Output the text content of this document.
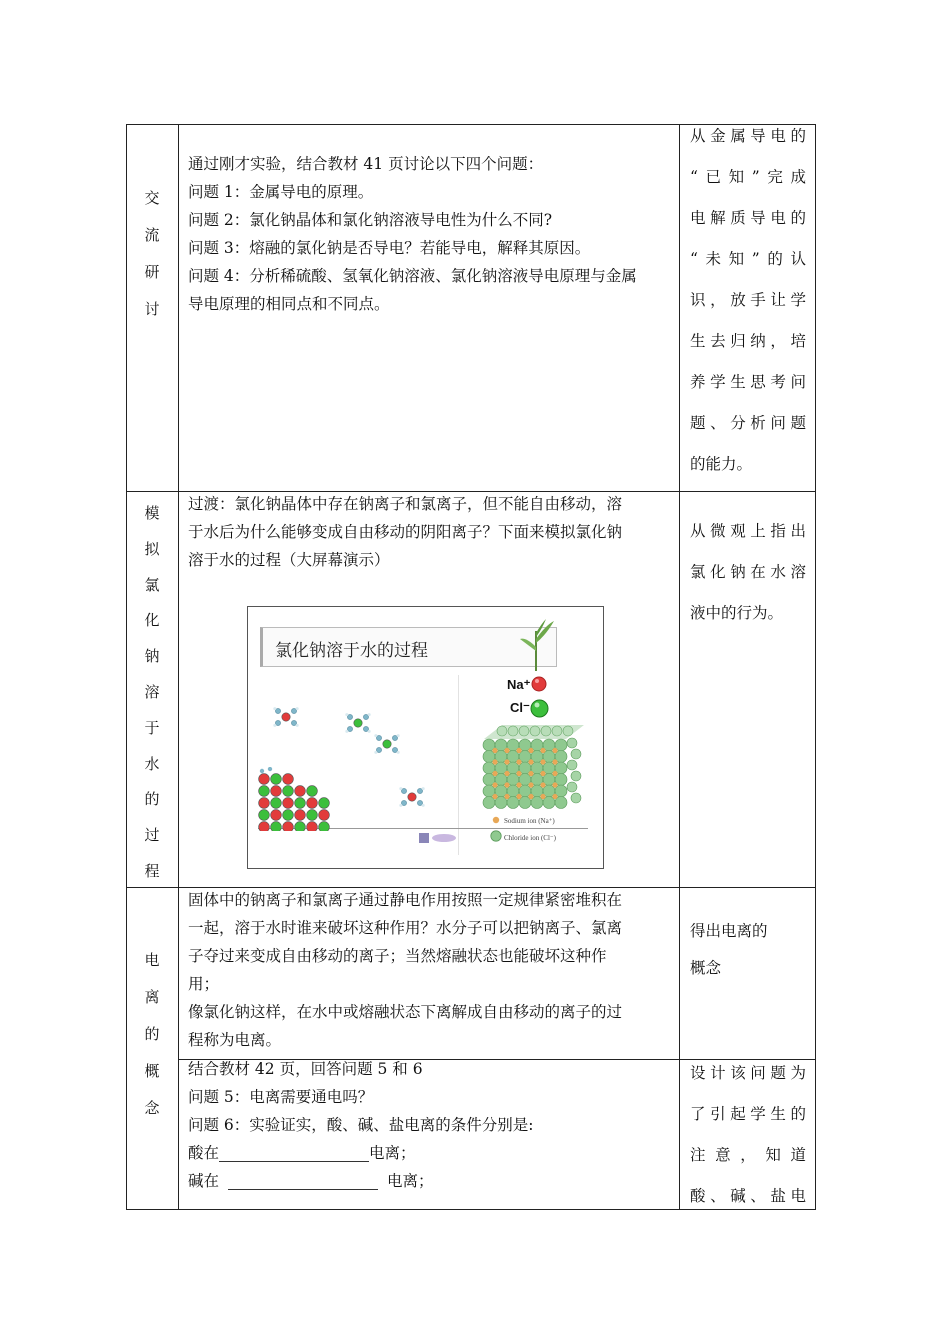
交
流
研
讨
通过刚才实验，结合教材 41 页讨论以下四个问题：
问题 1：金属导电的原理。
问题 2：氯化钠晶体和氯化钠溶液导电性为什么不同?
问题 3：熔融的氯化钠是否导电？若能导电，解释其原因。
问题 4：分析稀硫酸、氢氧化钠溶液、氯化钠溶液导电原理与金属
导电原理的相同点和不同点。
从金属导电的
“已知”完成
电解质导电的
“未知”的认
识，放手让学
生去归纳，培
养学生思考问
题、分析问题
的能力。
模
拟
氯
化
钠
溶
于
水
的
过
程
过渡：氯化钠晶体中存在钠离子和氯离子，但不能自由移动，溶
于水后为什么能够变成自由移动的阴阳离子？下面来模拟氯化钠
溶于水的过程（大屏幕演示）
从微观上指出
氯化钠在水溶
液中的行为。
氯化钠溶于水的过程
Na⁺
Cl⁻
Sodium ion (Na⁺)
Chloride ion (Cl⁻)
电
离
的
概
念
固体中的钠离子和氯离子通过静电作用按照一定规律紧密堆积在
一起，溶于水时谁来破坏这种作用？水分子可以把钠离子、氯离
子夺过来变成自由移动的离子；当然熔融状态也能破坏这种作
用；
像氯化钠这样，在水中或熔融状态下离解成自由移动的离子的过
程称为电离。
得出电离的
概念
结合教材 42 页，回答问题 5 和 6
问题 5：电离需要通电吗？
问题 6：实验证实，酸、碱、盐电离的条件分别是:
酸在	电离；
碱在	电离；
设计该问题为
了引起学生的
注意，知道
酸、碱、盐电
